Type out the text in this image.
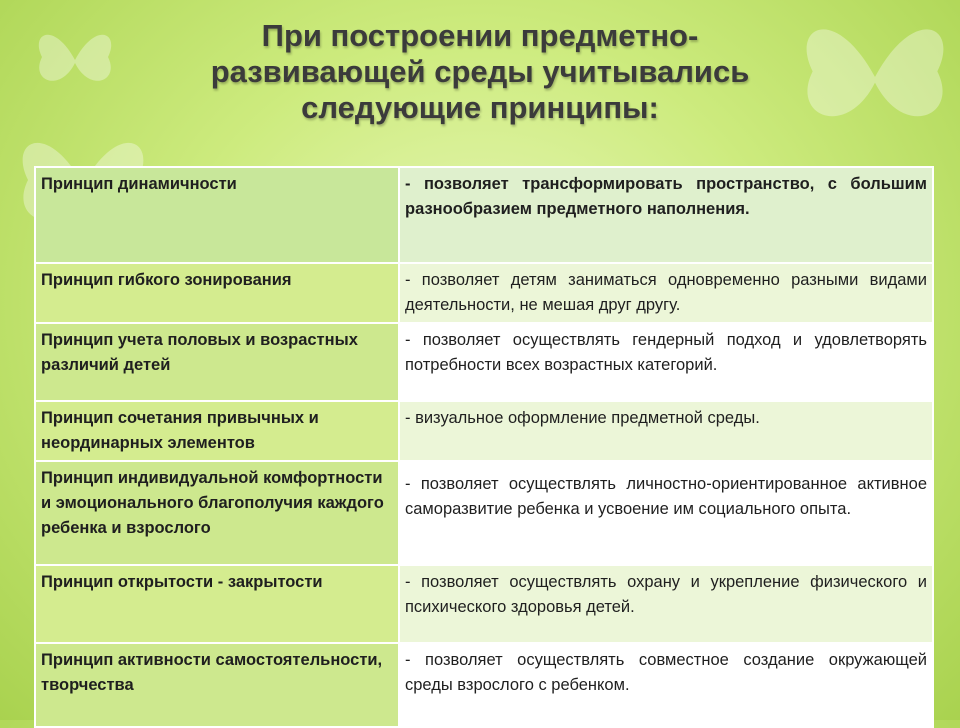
При построении предметно-
развивающей среды учитывались
следующие принципы:
Принцип динамичности	- позволяет трансформировать пространство, с большим разнообразием предметного наполнения.
Принцип гибкого зонирования	- позволяет детям заниматься одновременно разными видами деятельности, не мешая друг другу.
Принцип учета половых и возрастных различий детей	- позволяет осуществлять гендерный подход и удовлетворять потребности всех возрастных категорий.
Принцип сочетания привычных и неординарных элементов	- визуальное оформление предметной среды.
Принцип индивидуальной комфортности и эмоционального благополучия каждого ребенка и взрослого	- позволяет осуществлять личностно-ориентированное активное саморазвитие ребенка и усвоение им социального опыта.
Принцип открытости - закрытости	- позволяет осуществлять охрану и укрепление физического и психического здоровья детей.
Принцип активности самостоятельности, творчества	- позволяет осуществлять совместное создание окружающей среды взрослого с ребенком.	MyShared
